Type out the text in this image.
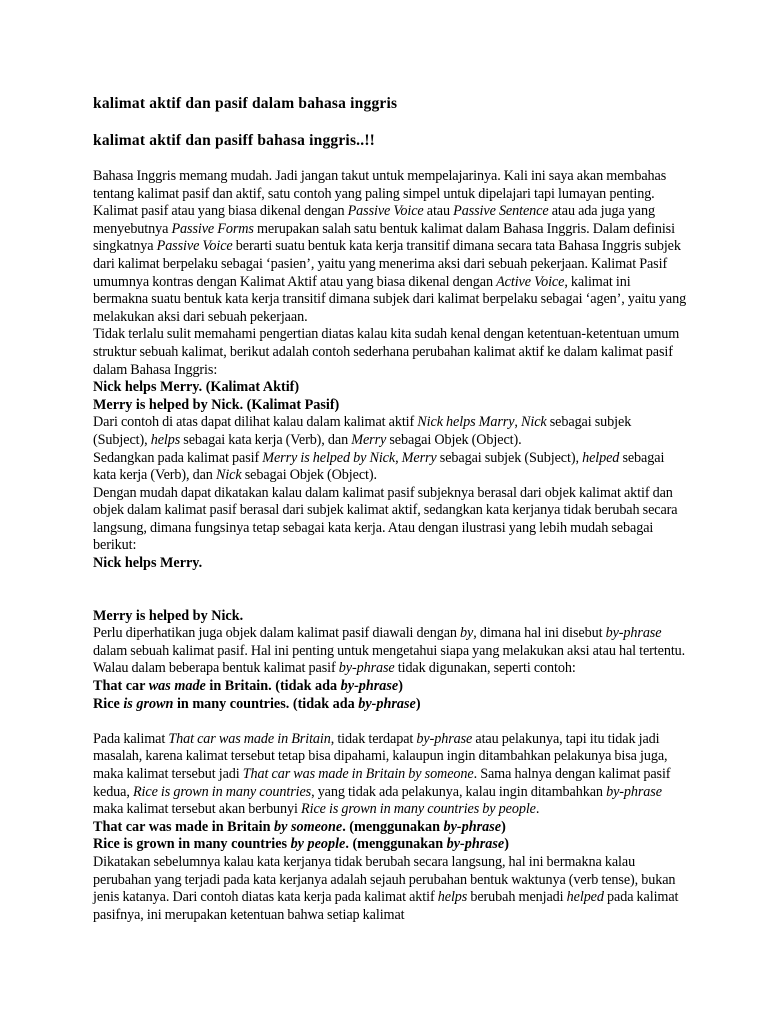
kalimat aktif dan pasif dalam bahasa inggris

kalimat aktif dan pasiff bahasa inggris..!!

Bahasa Inggris memang mudah. Jadi jangan takut untuk mempelajarinya. Kali ini saya akan membahas tentang kalimat pasif dan aktif, satu contoh yang paling simpel untuk dipelajari tapi lumayan penting. Kalimat pasif atau yang biasa dikenal dengan Passive Voice atau Passive Sentence atau ada juga yang menyebutnya Passive Forms merupakan salah satu bentuk kalimat dalam Bahasa Inggris. Dalam definisi singkatnya Passive Voice berarti suatu bentuk kata kerja transitif dimana secara tata Bahasa Inggris subjek dari kalimat berpelaku sebagai ‘pasien’, yaitu yang menerima aksi dari sebuah pekerjaan. Kalimat Pasif umumnya kontras dengan Kalimat Aktif atau yang biasa dikenal dengan Active Voice, kalimat ini bermakna suatu bentuk kata kerja transitif dimana subjek dari kalimat berpelaku sebagai ‘agen’, yaitu yang melakukan aksi dari sebuah pekerjaan.

Tidak terlalu sulit memahami pengertian diatas kalau kita sudah kenal dengan ketentuan-ketentuan umum struktur sebuah kalimat, berikut adalah contoh sederhana perubahan kalimat aktif ke dalam kalimat pasif dalam Bahasa Inggris:

Nick helps Merry. (Kalimat Aktif)

Merry is helped by Nick. (Kalimat Pasif)

Dari contoh di atas dapat dilihat kalau dalam kalimat aktif Nick helps Marry, Nick sebagai subjek (Subject), helps sebagai kata kerja (Verb), dan Merry sebagai Objek (Object).

Sedangkan pada kalimat pasif Merry is helped by Nick, Merry sebagai subjek (Subject), helped sebagai kata kerja (Verb), dan Nick sebagai Objek (Object).

Dengan mudah dapat dikatakan kalau dalam kalimat pasif subjeknya berasal dari objek kalimat aktif dan objek dalam kalimat pasif berasal dari subjek kalimat aktif, sedangkan kata kerjanya tidak berubah secara langsung, dimana fungsinya tetap sebagai kata kerja. Atau dengan ilustrasi yang lebih mudah sebagai berikut:

Nick helps Merry.

Merry is helped by Nick.

Perlu diperhatikan juga objek dalam kalimat pasif diawali dengan by, dimana hal ini disebut by-phrase dalam sebuah kalimat pasif. Hal ini penting untuk mengetahui siapa yang melakukan aksi atau hal tertentu. Walau dalam beberapa bentuk kalimat pasif by-phrase tidak digunakan, seperti contoh:

That car was made in Britain. (tidak ada by-phrase)

Rice is grown in many countries. (tidak ada by-phrase)

Pada kalimat That car was made in Britain, tidak terdapat by-phrase atau pelakunya, tapi itu tidak jadi masalah, karena kalimat tersebut tetap bisa dipahami, kalaupun ingin ditambahkan pelakunya bisa juga, maka kalimat tersebut jadi That car was made in Britain by someone. Sama halnya dengan kalimat pasif kedua, Rice is grown in many countries, yang tidak ada pelakunya, kalau ingin ditambahkan by-phrase maka kalimat tersebut akan berbunyi Rice is grown in many countries by people.

That car was made in Britain by someone. (menggunakan by-phrase)

Rice is grown in many countries by people. (menggunakan by-phrase)

Dikatakan sebelumnya kalau kata kerjanya tidak berubah secara langsung, hal ini bermakna kalau perubahan yang terjadi pada kata kerjanya adalah sejauh perubahan bentuk waktunya (verb tense), bukan jenis katanya. Dari contoh diatas kata kerja pada kalimat aktif helps berubah menjadi helped pada kalimat pasifnya, ini merupakan ketentuan bahwa setiap kalimat
